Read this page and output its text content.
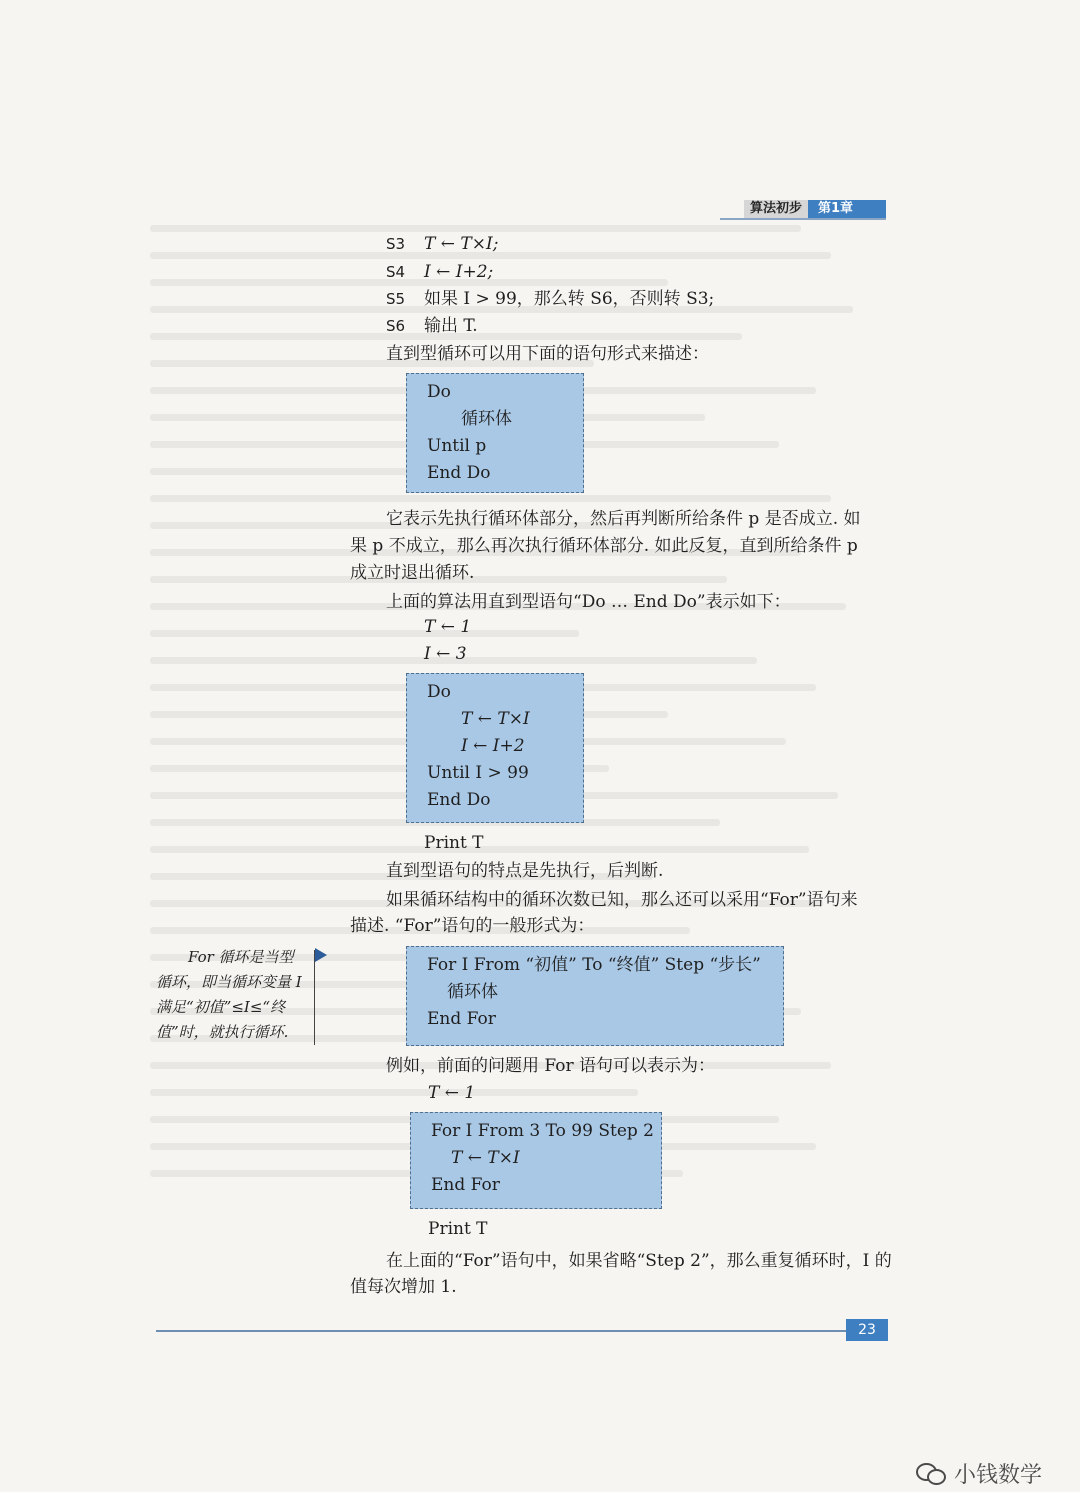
算法初步	第1章
S3 T ← T×I;
S4 I ← I+2;
S5 如果 I > 99，那么转 S6，否则转 S3;
S6 输出 T.
直到型循环可以用下面的语句形式来描述：
Do
循环体
Until p
End Do
它表示先执行循环体部分，然后再判断所给条件 p 是否成立. 如
果 p 不成立，那么再次执行循环体部分. 如此反复，直到所给条件 p
成立时退出循环.
上面的算法用直到型语句“Do … End Do”表示如下：
T ← 1
I ← 3
Do
T ← T×I
I ← I+2
Until I > 99
End Do
Print T
直到型语句的特点是先执行，后判断.
如果循环结构中的循环次数已知，那么还可以采用“For”语句来
描述. “For”语句的一般形式为：
For 循环是当型
循环，即当循环变量 I
满足“初值”≤I≤“终
值”时，就执行循环.
For I From “初值” To “终值” Step “步长”
循环体
End For
例如，前面的问题用 For 语句可以表示为：
T ← 1
For I From 3 To 99 Step 2
T ← T×I
End For
Print T
在上面的“For”语句中，如果省略“Step 2”，那么重复循环时，I 的
值每次增加 1.
23
小钱数学
